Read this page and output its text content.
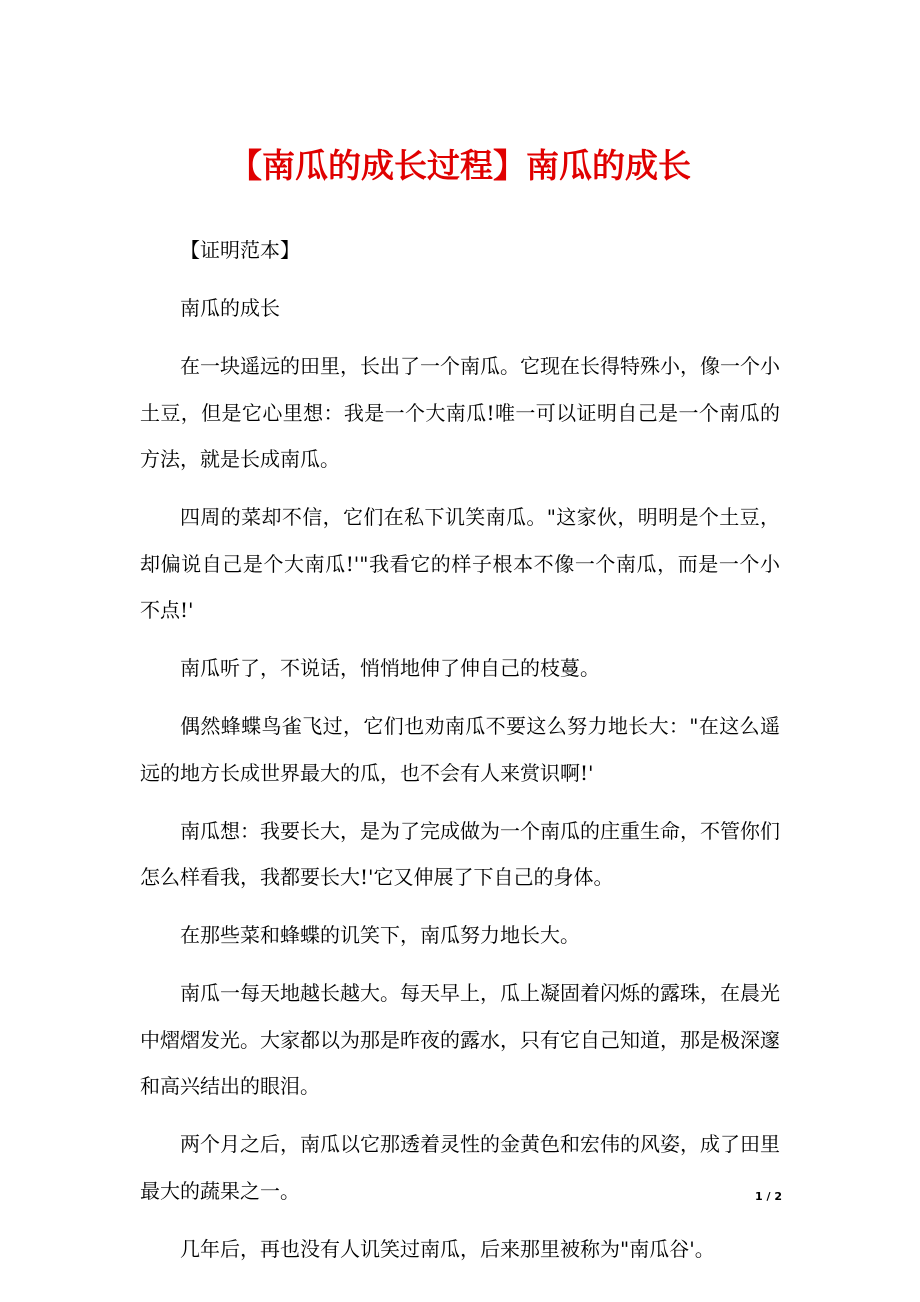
【南瓜的成长过程】南瓜的成长

【证明范本】

南瓜的成长

在一块遥远的田里，长出了一个南瓜。它现在长得特殊小，像一个小土豆，但是它心里想：我是一个大南瓜!唯一可以证明自己是一个南瓜的方法，就是长成南瓜。

四周的菜却不信，它们在私下讥笑南瓜。"这家伙，明明是个土豆，却偏说自己是个大南瓜!'"我看它的样子根本不像一个南瓜，而是一个小不点!'

南瓜听了，不说话，悄悄地伸了伸自己的枝蔓。

偶然蜂蝶鸟雀飞过，它们也劝南瓜不要这么努力地长大："在这么遥远的地方长成世界最大的瓜，也不会有人来赏识啊!'

南瓜想：我要长大，是为了完成做为一个南瓜的庄重生命，不管你们怎么样看我，我都要长大!'它又伸展了下自己的身体。

在那些菜和蜂蝶的讥笑下，南瓜努力地长大。

南瓜一每天地越长越大。每天早上，瓜上凝固着闪烁的露珠，在晨光中熠熠发光。大家都以为那是昨夜的露水，只有它自己知道，那是极深邃和高兴结出的眼泪。

两个月之后，南瓜以它那透着灵性的金黄色和宏伟的风姿，成了田里最大的蔬果之一。

几年后，再也没有人讥笑过南瓜，后来那里被称为"南瓜谷'。

1 / 2
